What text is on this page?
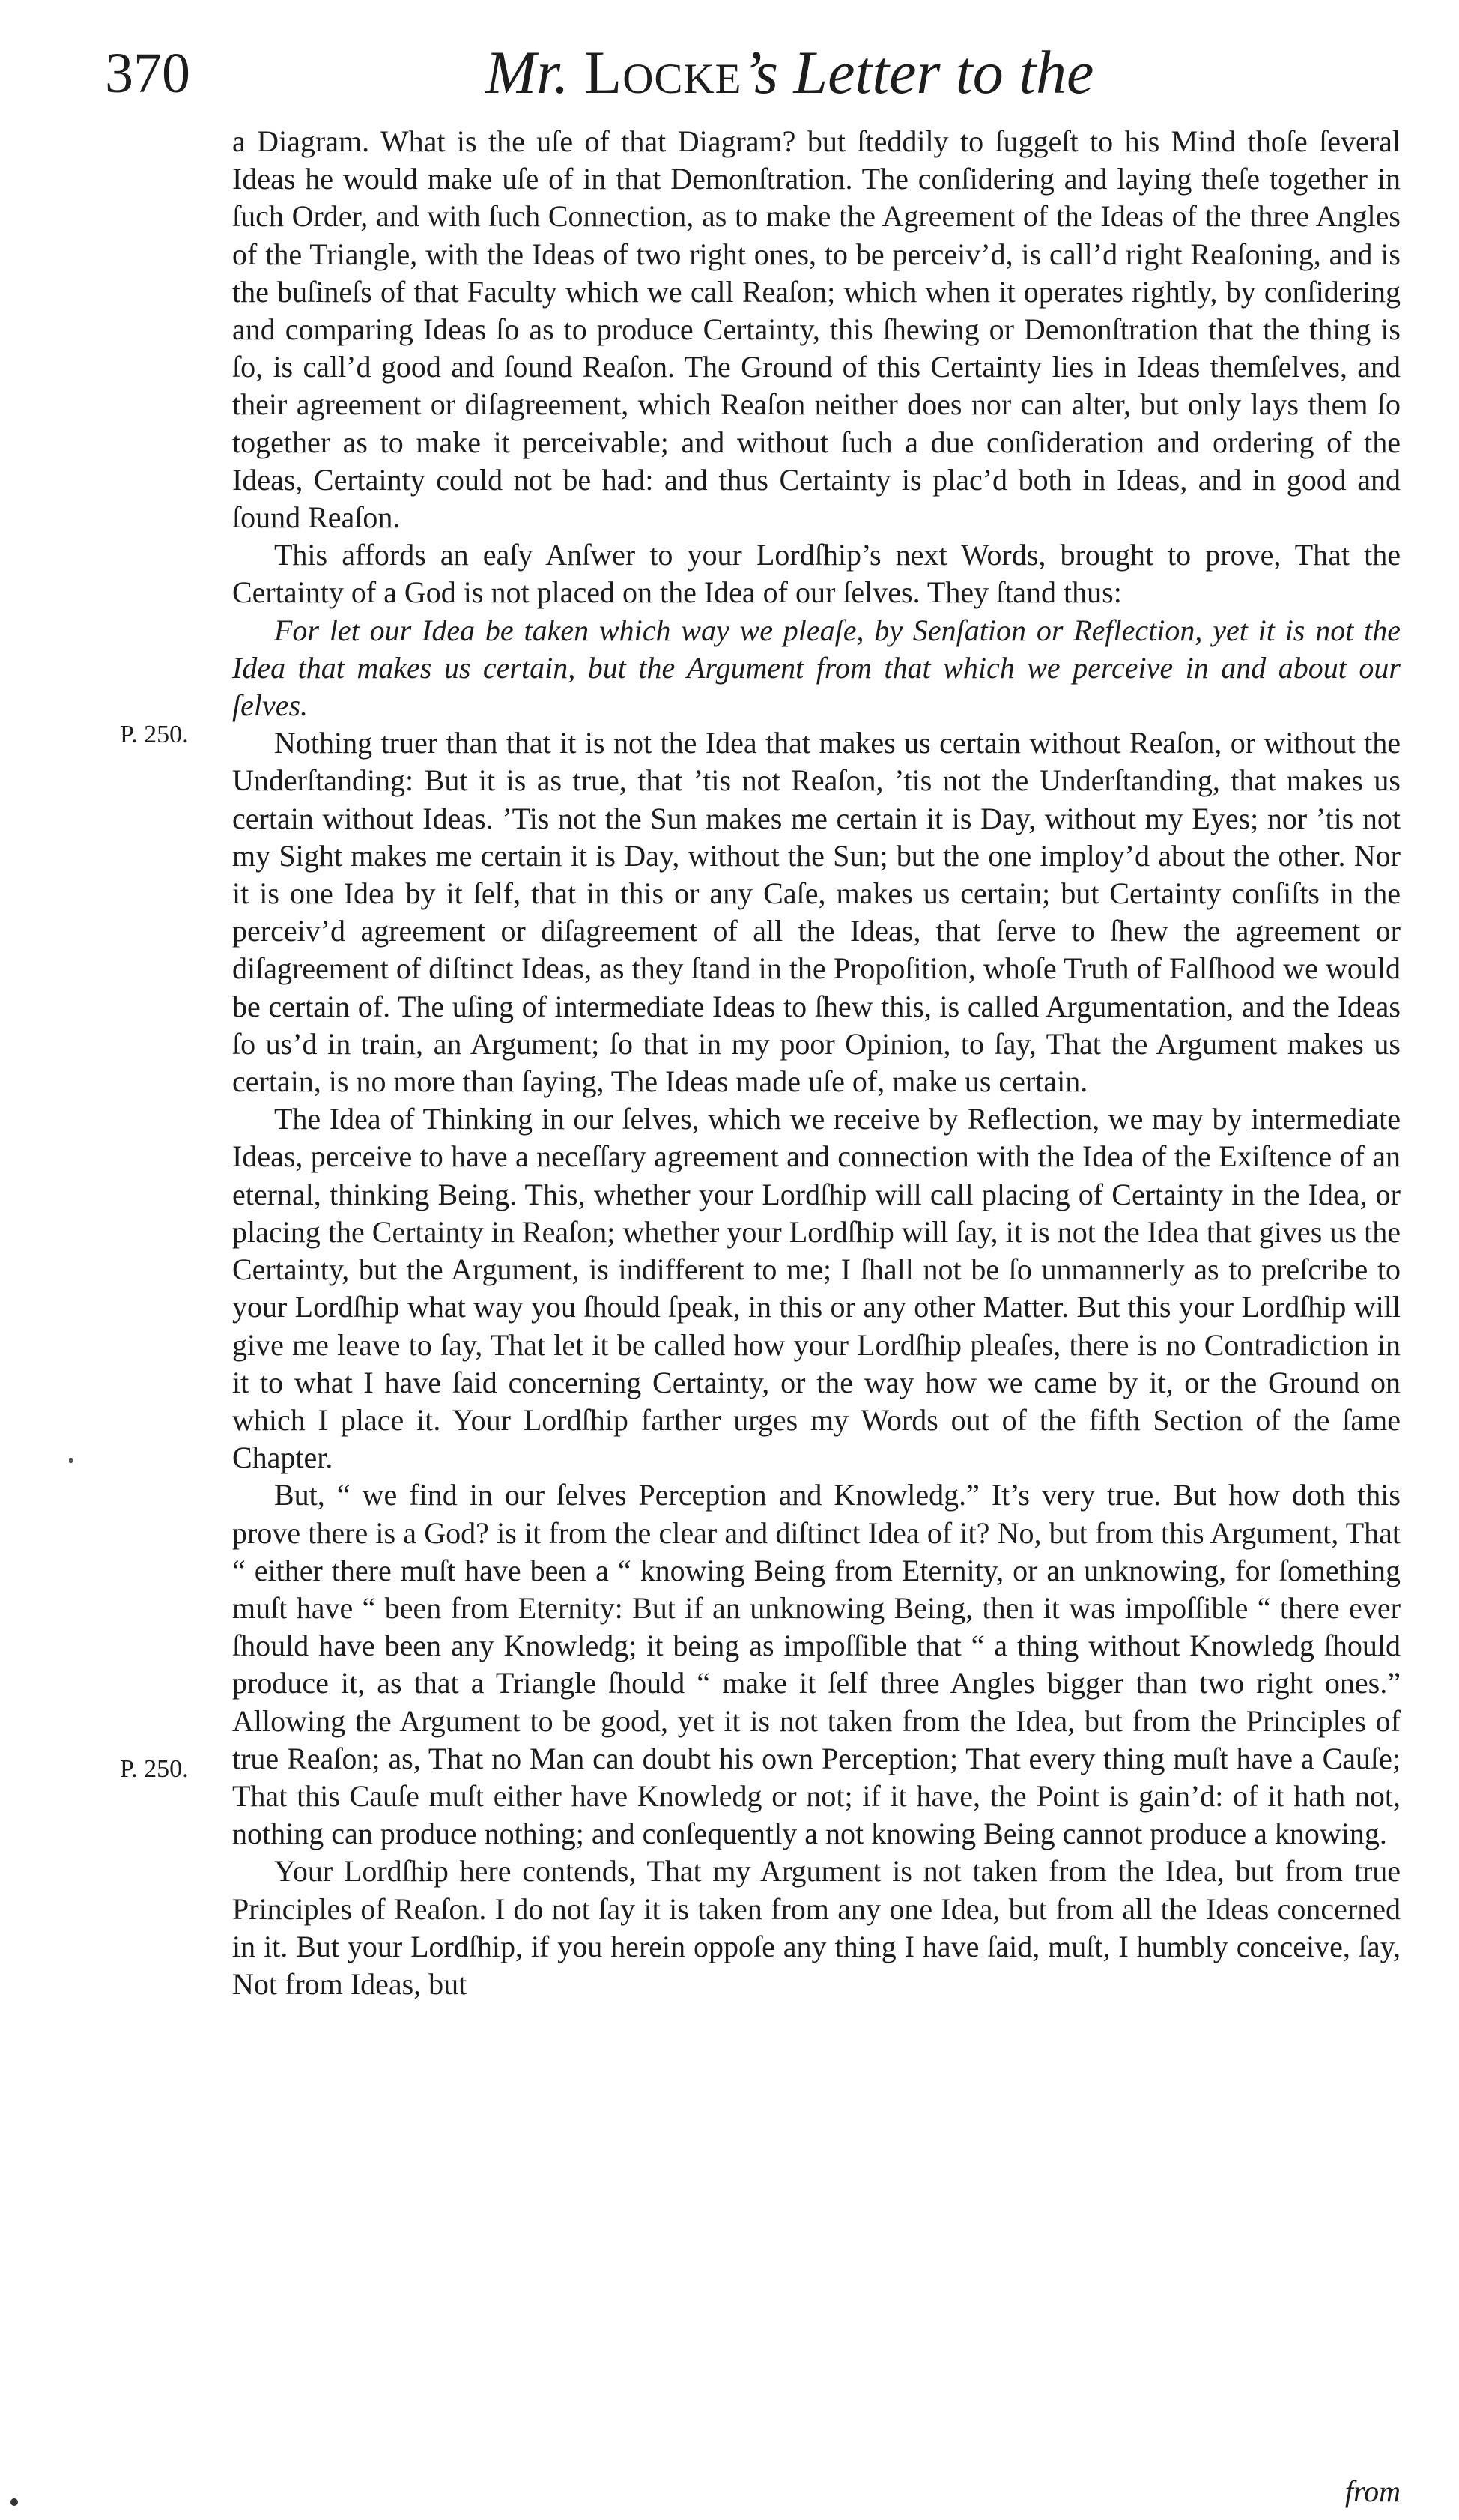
370	Mr. Locke’s Letter to the
P. 250.
P. 250.

a Diagram. What is the uſe of that Diagram? but ſteddily to ſuggeſt to his Mind thoſe ſeveral Ideas he would make uſe of in that Demonſtration. The conſidering and laying theſe together in ſuch Order, and with ſuch Connection, as to make the Agreement of the Ideas of the three Angles of the Triangle, with the Ideas of two right ones, to be perceiv’d, is call’d right Reaſoning, and is the buſineſs of that Faculty which we call Reaſon; which when it operates rightly, by conſidering and comparing Ideas ſo as to produce Certainty, this ſhewing or Demonſtration that the thing is ſo, is call’d good and ſound Reaſon. The Ground of this Certainty lies in Ideas themſelves, and their agreement or diſagreement, which Reaſon neither does nor can alter, but only lays them ſo together as to make it perceivable; and without ſuch a due conſideration and ordering of the Ideas, Certainty could not be had: and thus Certainty is plac’d both in Ideas, and in good and ſound Reaſon.

This affords an eaſy Anſwer to your Lordſhip’s next Words, brought to prove, That the Certainty of a God is not placed on the Idea of our ſelves. They ſtand thus:

For let our Idea be taken which way we pleaſe, by Senſation or Reflection, yet it is not the Idea that makes us certain, but the Argument from that which we perceive in and about our ſelves.

Nothing truer than that it is not the Idea that makes us certain without Reaſon, or without the Underſtanding: But it is as true, that ’tis not Reaſon, ’tis not the Underſtanding, that makes us certain without Ideas. ’Tis not the Sun makes me certain it is Day, without my Eyes; nor ’tis not my Sight makes me certain it is Day, without the Sun; but the one imploy’d about the other. Nor it is one Idea by it ſelf, that in this or any Caſe, makes us certain; but Certainty conſiſts in the perceiv’d agreement or diſagreement of all the Ideas, that ſerve to ſhew the agreement or diſagreement of diſtinct Ideas, as they ſtand in the Propoſition, whoſe Truth of Falſhood we would be certain of. The uſing of intermediate Ideas to ſhew this, is called Argumentation, and the Ideas ſo us’d in train, an Argument; ſo that in my poor Opinion, to ſay, That the Argument makes us certain, is no more than ſaying, The Ideas made uſe of, make us certain.

The Idea of Thinking in our ſelves, which we receive by Reflection, we may by intermediate Ideas, perceive to have a neceſſary agreement and connection with the Idea of the Exiſtence of an eternal, thinking Being. This, whether your Lordſhip will call placing of Certainty in the Idea, or placing the Certainty in Reaſon; whether your Lordſhip will ſay, it is not the Idea that gives us the Certainty, but the Argument, is indifferent to me; I ſhall not be ſo unmannerly as to preſcribe to your Lordſhip what way you ſhould ſpeak, in this or any other Matter. But this your Lordſhip will give me leave to ſay, That let it be called how your Lordſhip pleaſes, there is no Contradiction in it to what I have ſaid concerning Certainty, or the way how we came by it, or the Ground on which I place it. Your Lordſhip farther urges my Words out of the fifth Section of the ſame Chapter.

But, “ we find in our ſelves Perception and Knowledg.” It’s very true. But how doth this prove there is a God? is it from the clear and diſtinct Idea of it? No, but from this Argument, That “ either there muſt have been a “ knowing Being from Eternity, or an unknowing, for ſomething muſt have “ been from Eternity: But if an unknowing Being, then it was impoſſible “ there ever ſhould have been any Knowledg; it being as impoſſible that “ a thing without Knowledg ſhould produce it, as that a Triangle ſhould “ make it ſelf three Angles bigger than two right ones.” Allowing the Argument to be good, yet it is not taken from the Idea, but from the Principles of true Reaſon; as, That no Man can doubt his own Perception; That every thing muſt have a Cauſe; That this Cauſe muſt either have Knowledg or not; if it have, the Point is gain’d: of it hath not, nothing can produce nothing; and conſequently a not knowing Being cannot produce a knowing.

Your Lordſhip here contends, That my Argument is not taken from the Idea, but from true Principles of Reaſon. I do not ſay it is taken from any one Idea, but from all the Ideas concerned in it. But your Lordſhip, if you herein oppoſe any thing I have ſaid, muſt, I humbly conceive, ſay, Not from Ideas, but

from
